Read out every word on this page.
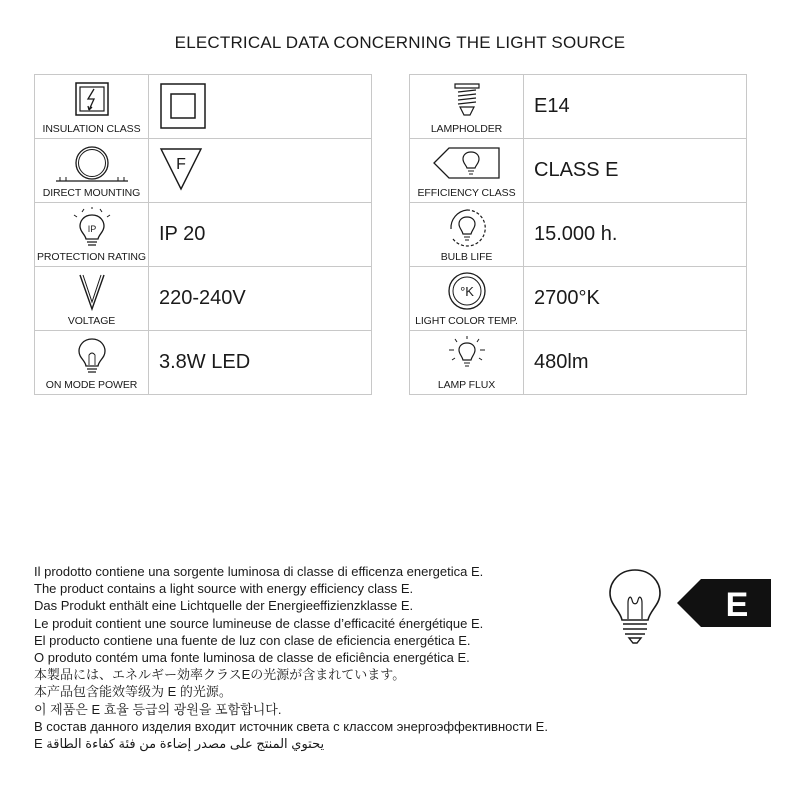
ELECTRICAL DATA CONCERNING THE LIGHT SOURCE
INSULATION CLASS

DIRECT MOUNTING	F

IP
PROTECTION RATING	IP 20

VOLTAGE	220-240V

ON MODE POWER	3.8W LED
LAMPHOLDER	E14

EFFICIENCY CLASS	CLASS E

BULB LIFE	15.000 h.

°K
LIGHT COLOR TEMP.	2700°K

LAMP FLUX	480lm
Il prodotto contiene una sorgente luminosa di classe di efficenza energetica E.
The product contains a light source with energy efficiency class E.
Das Produkt enthält eine Lichtquelle der Energieeffizienzklasse E.
Le produit contient une source lumineuse de classe d’efficacité énergétique E.
El producto contiene una fuente de luz con clase de eficiencia energética E.
O produto contém uma fonte luminosa de classe de eficiência energética E.
本製品には、エネルギー効率クラスEの光源が含まれています。
本产品包含能效等级为 E 的光源。
이 제품은 E 효율 등급의 광원을 포함합니다.
В состав данного изделия входит источник света с классом энергоэффективности E.
يحتوي المنتج على مصدر إضاءة من فئة كفاءة الطاقة E
E
